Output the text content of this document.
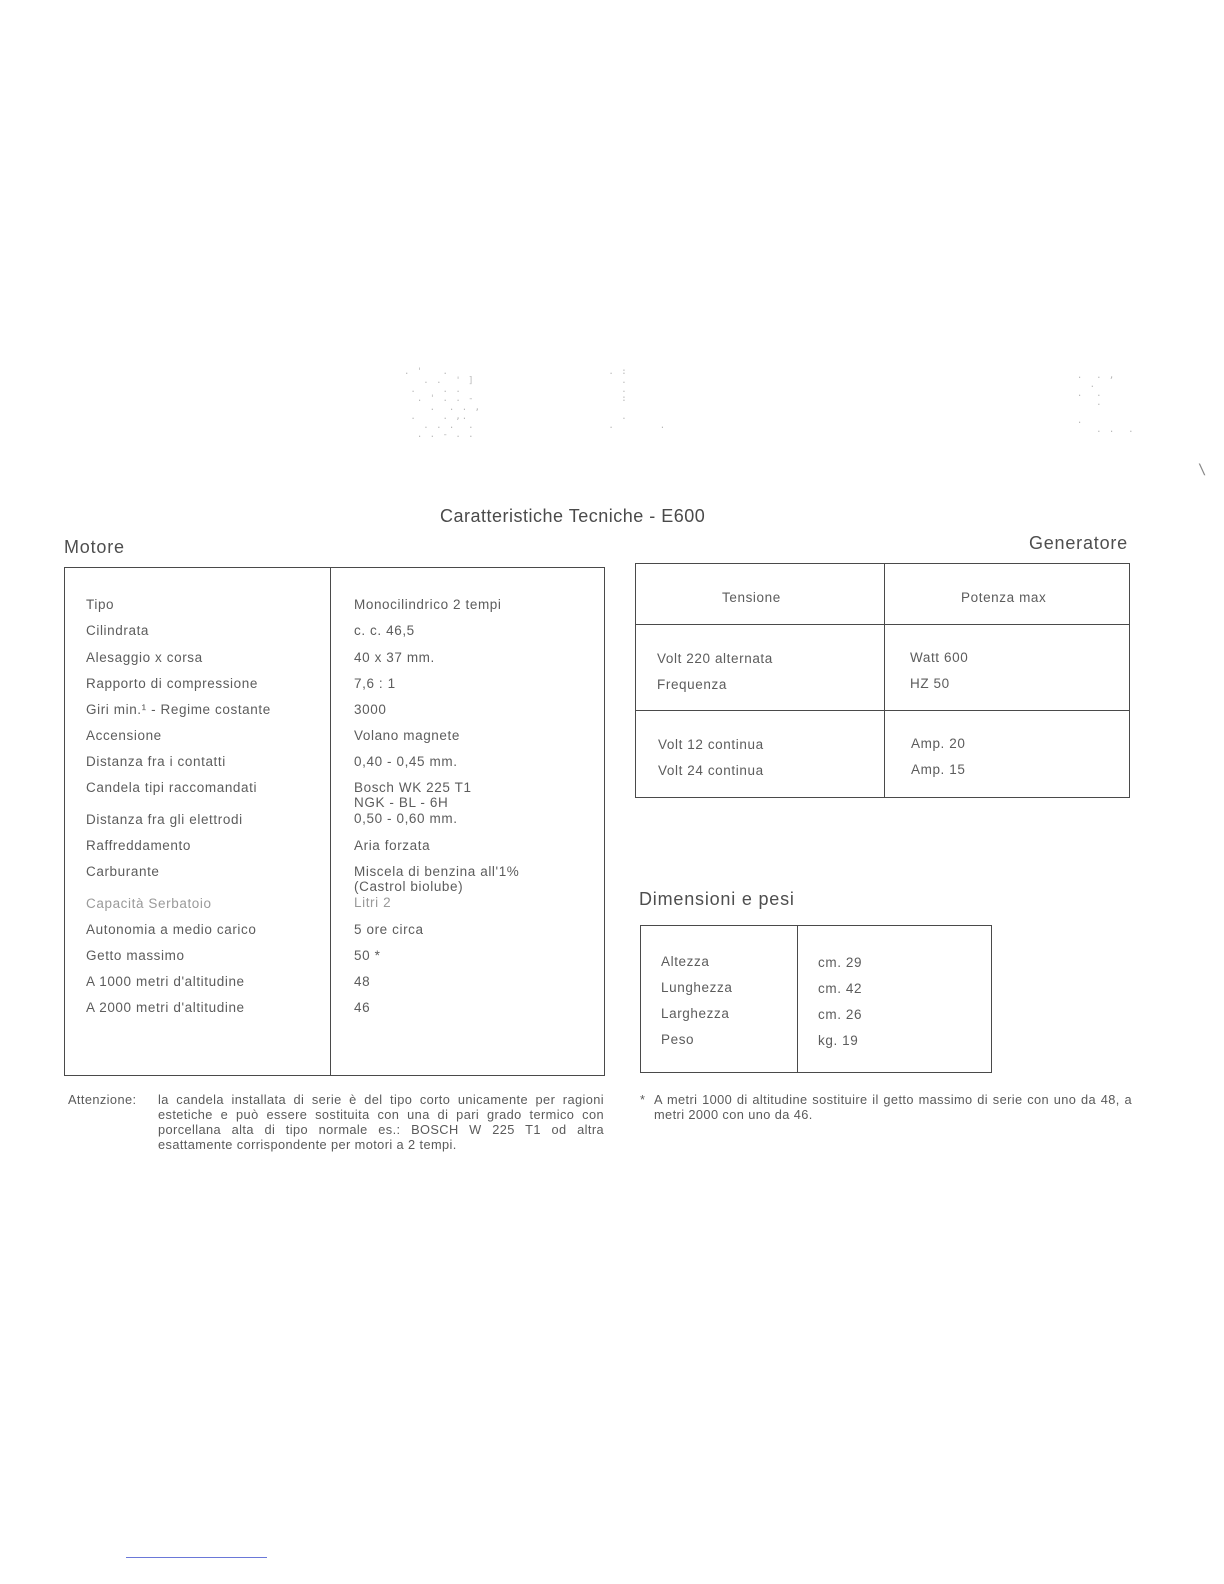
. '   .
. .  ' ]
.    . .
. ' . . -
.  . . ,
.    . ,.
. . .  .
. . - . .
. :
.
.
:

.
.       .
.  . ,
.
.  .
.

.
. .  .
\
Caratteristiche Tecniche - E600
Motore	Generatore
Dimensioni e pesi
Tipo	Monocilindrico 2 tempi
Cilindrata	c. c. 46,5
Alesaggio x corsa	40 x 37 mm.
Rapporto di compressione	7,6 : 1
Giri min.¹ - Regime costante	3000
Accensione	Volano magnete
Distanza fra i contatti	0,40 - 0,45 mm.
Candela tipi raccomandati	Bosch WK 225 T1
NGK - BL - 6H
Distanza fra gli elettrodi	0,50 - 0,60 mm.
Raffreddamento	Aria forzata
Carburante	Miscela di benzina all'1%
(Castrol biolube)
Capacità Serbatoio	Litri 2
Autonomia a medio carico	5 ore circa
Getto massimo	50 *
A 1000 metri d'altitudine	48
A 2000 metri d'altitudine	46
Tensione	Potenza max
Volt 220 alternata	Watt 600
Frequenza	HZ 50
Volt 12 continua	Amp. 20
Volt 24 continua	Amp. 15
Altezza	cm. 29
Lunghezza	cm. 42
Larghezza	cm. 26
Peso	kg. 19
Attenzione: la candela installata di serie è del tipo corto unicamente per ragioni estetiche e può essere sostituita con una di pari grado termico con porcellana alta di tipo normale es.: BOSCH W 225 T1 od altra esattamente corrispondente per motori a 2 tempi.
* A metri 1000 di altitudine sostituire il getto massimo di serie con uno da 48, a metri 2000 con uno da 46.
